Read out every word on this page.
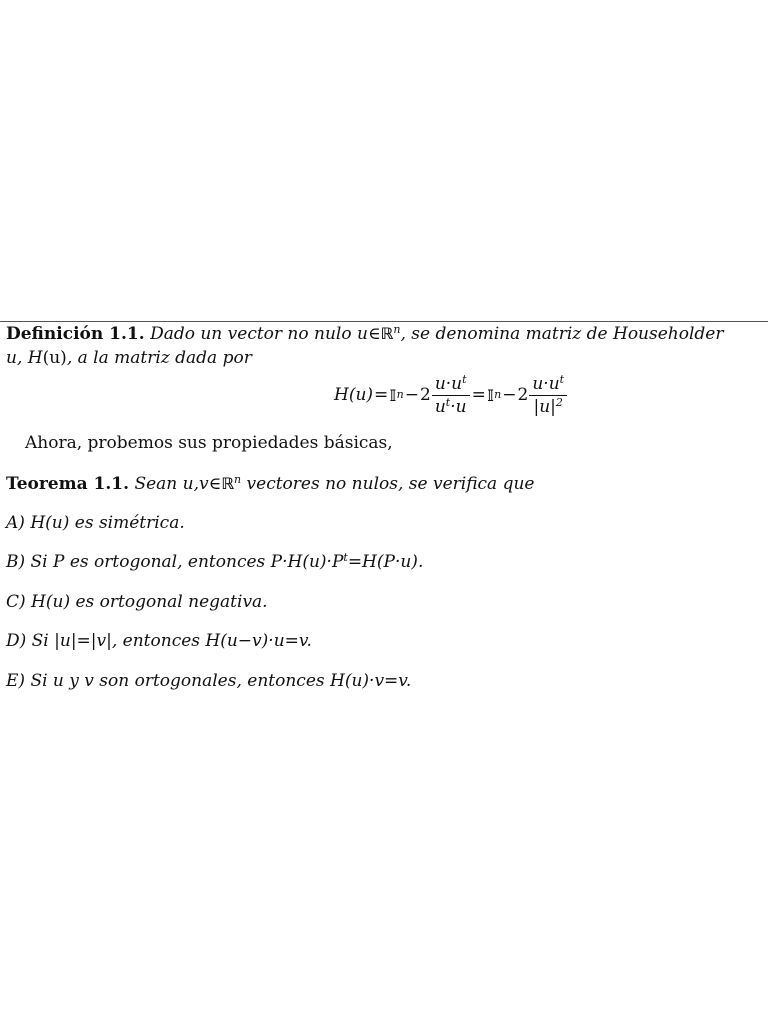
Definición 1.1. Dado un vector no nulo u∈ℝ$^n$, se denomina matriz de Householder
u, H(u), a la matriz dada por
H(u) = 𝕀 $n - 2 \frac{u\cdot u^t}{u^t\cdot u}$ = 𝕀 $n - 2 \frac{u\cdot u^t}{|u|^2}$
Ahora, probemos sus propiedades básicas,
Teorema 1.1. Sean u,v∈ℝ$^n$ vectores no nulos, se verifica que
A) H(u) es simétrica.
B) Si P es ortogonal, entonces $P\cdot H(u)\cdot P^t=H(P\cdot u)$.
C) H(u) es ortogonal negativa.
D) Si |u|=|v|, entonces H(u−v)·u=v.
E) Si u y v son ortogonales, entonces H(u)·v=v.
